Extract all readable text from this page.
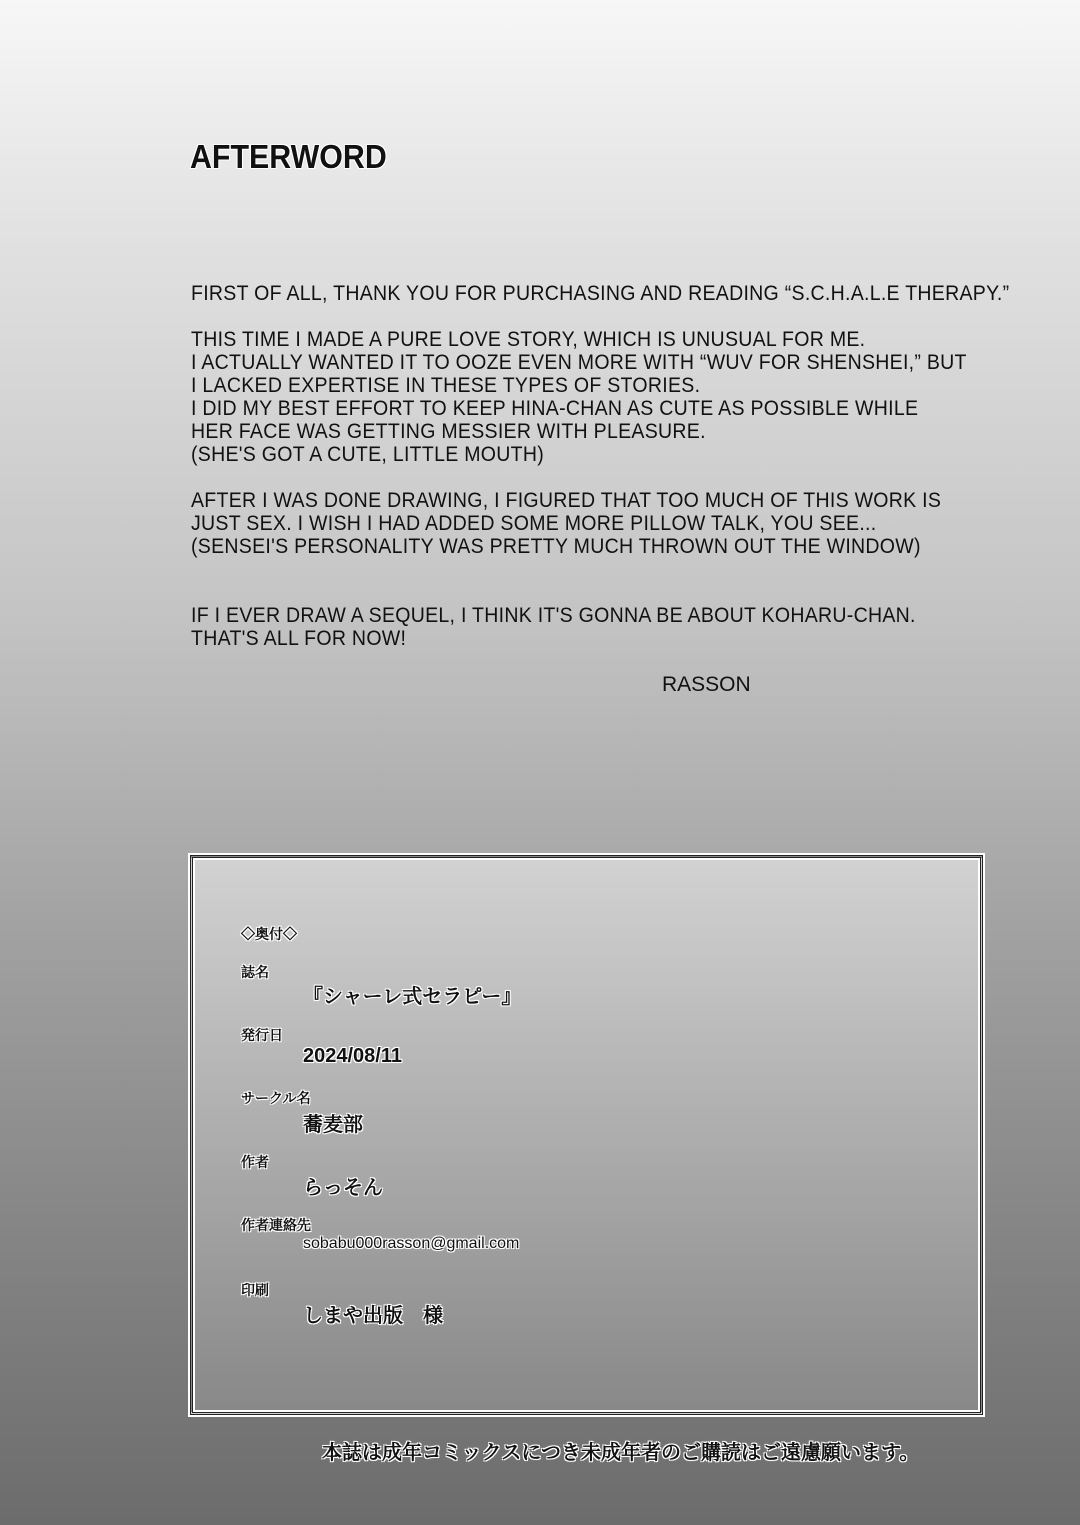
AFTERWORD
FIRST OF ALL, THANK YOU FOR PURCHASING AND READING “S.C.H.A.L.E THERAPY.”
THIS TIME I MADE A PURE LOVE STORY, WHICH IS UNUSUAL FOR ME.
I ACTUALLY WANTED IT TO OOZE EVEN MORE WITH “WUV FOR SHENSHEI,” BUT
I LACKED EXPERTISE IN THESE TYPES OF STORIES.
I DID MY BEST EFFORT TO KEEP HINA-CHAN AS CUTE AS POSSIBLE WHILE
HER FACE WAS GETTING MESSIER WITH PLEASURE.
(SHE'S GOT A CUTE, LITTLE MOUTH)
AFTER I WAS DONE DRAWING, I FIGURED THAT TOO MUCH OF THIS WORK IS
JUST SEX. I WISH I HAD ADDED SOME MORE PILLOW TALK, YOU SEE...
(SENSEI'S PERSONALITY WAS PRETTY MUCH THROWN OUT THE WINDOW)
IF I EVER DRAW A SEQUEL, I THINK IT'S GONNA BE ABOUT KOHARU-CHAN.
THAT'S ALL FOR NOW!
RASSON
◇奥付◇
誌名
『シャーレ式セラピー』
発行日
2024/08/11
サークル名
蕎麦部
作者
らっそん
作者連絡先
sobabu000rasson@gmail.com
印刷
しまや出版　様
本誌は成年コミックスにつき未成年者のご購読はご遠慮願います。
